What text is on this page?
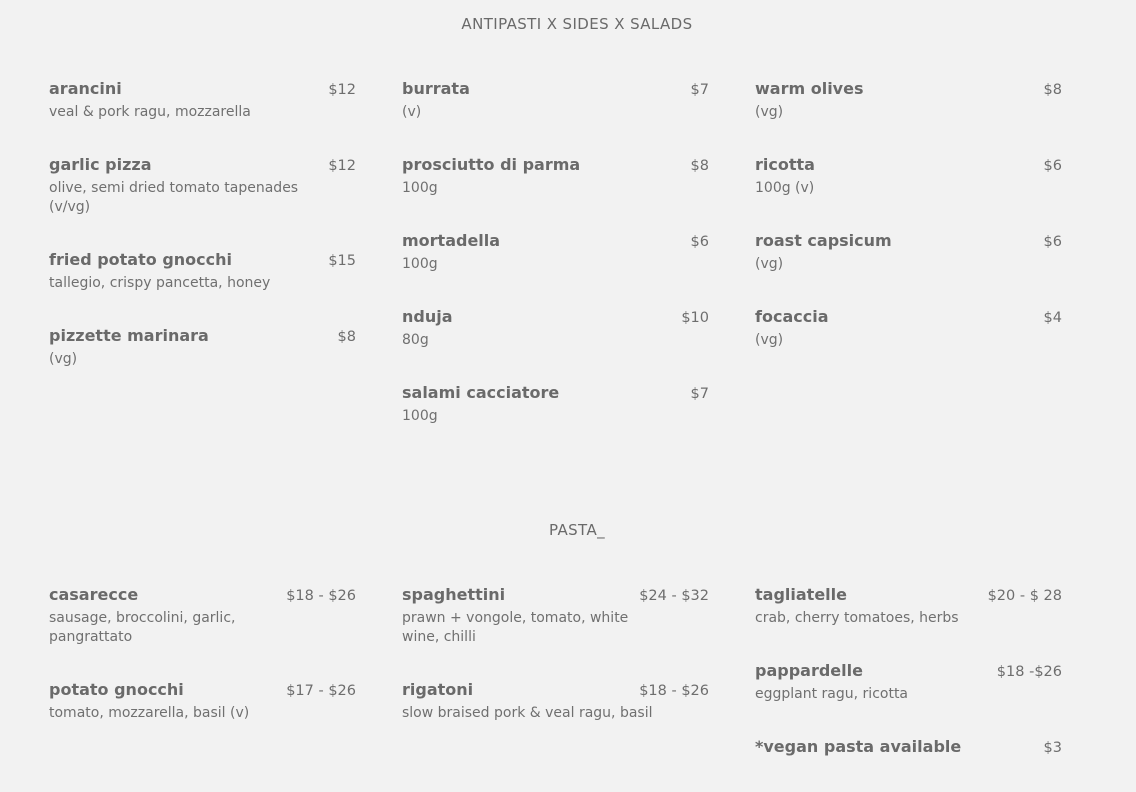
ANTIPASTI X SIDES X SALADS
arancini	$12
veal & pork ragu, mozzarella
garlic pizza	$12
olive, semi dried tomato tapenades (v/vg)
fried potato gnocchi	$15
tallegio, crispy pancetta, honey
pizzette marinara	$8
(vg)
burrata	$7
(v)
prosciutto di parma	$8
100g
mortadella	$6
100g
nduja	$10
80g
salami cacciatore	$7
100g
warm olives	$8
(vg)
ricotta	$6
100g (v)
roast capsicum	$6
(vg)
focaccia	$4
(vg)
PASTA_
casarecce	$18 - $26
sausage, broccolini, garlic, pangrattato
potato gnocchi	$17 - $26
tomato, mozzarella, basil (v)
spaghettini	$24 - $32
prawn + vongole, tomato, white wine, chilli
rigatoni	$18 - $26
slow braised pork & veal ragu, basil
tagliatelle	$20 - $ 28
crab, cherry tomatoes, herbs
pappardelle	$18 -$26
eggplant ragu, ricotta
*vegan pasta available	$3
